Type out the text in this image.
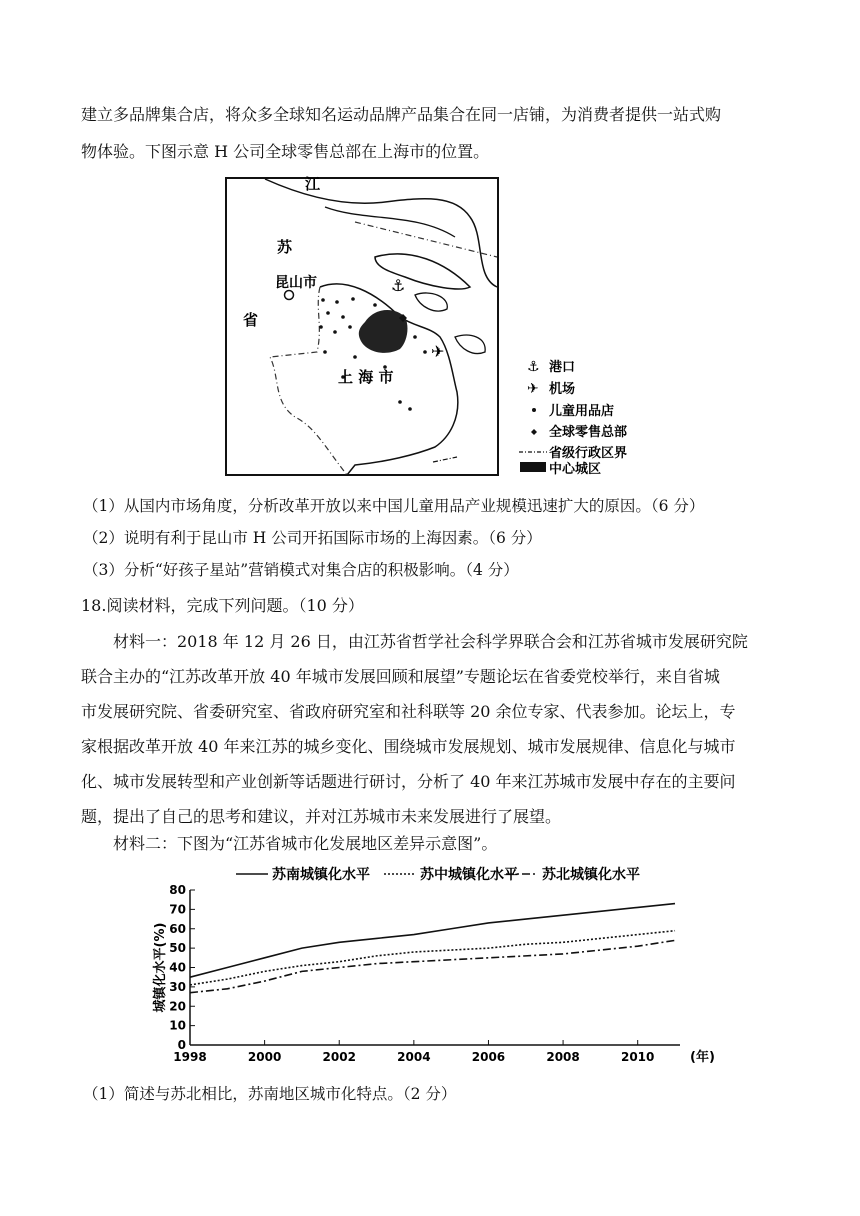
建立多品牌集合店，将众多全球知名运动品牌产品集合在同一店铺，为消费者提供一站式购
物体验。下图示意 H 公司全球零售总部在上海市的位置。
⚓
✈
江
苏
昆山市
省
上 海 市
⚓ 港口
✈ 机场
儿童用品店
全球零售总部
省级行政区界
中心城区
（1）从国内市场角度，分析改革开放以来中国儿童用品产业规模迅速扩大的原因。（6 分）
（2）说明有利于昆山市 H 公司开拓国际市场的上海因素。（6 分）
（3）分析“好孩子星站”营销模式对集合店的积极影响。（4 分）
18.阅读材料，完成下列问题。（10 分）
材料一：2018 年 12 月 26 日，由江苏省哲学社会科学界联合会和江苏省城市发展研究院
联合主办的“江苏改革开放 40 年城市发展回顾和展望”专题论坛在省委党校举行，来自省城
市发展研究院、省委研究室、省政府研究室和社科联等 20 余位专家、代表参加。论坛上，专
家根据改革开放 40 年来江苏的城乡变化、围绕城市发展规划、城市发展规律、信息化与城市
化、城市发展转型和产业创新等话题进行研讨，分析了 40 年来江苏城市发展中存在的主要问
题，提出了自己的思考和建议，并对江苏城市未来发展进行了展望。
材料二：下图为“江苏省城市化发展地区差异示意图”。
0
10
20
30
40
50
60
70
80
1998	2000	2002	2004	2006	2008	2010	(年)
城镇化水平(%)
苏南城镇化水平	苏中城镇化水平 苏北城镇化水平
（1）简述与苏北相比，苏南地区城市化特点。（2 分）
